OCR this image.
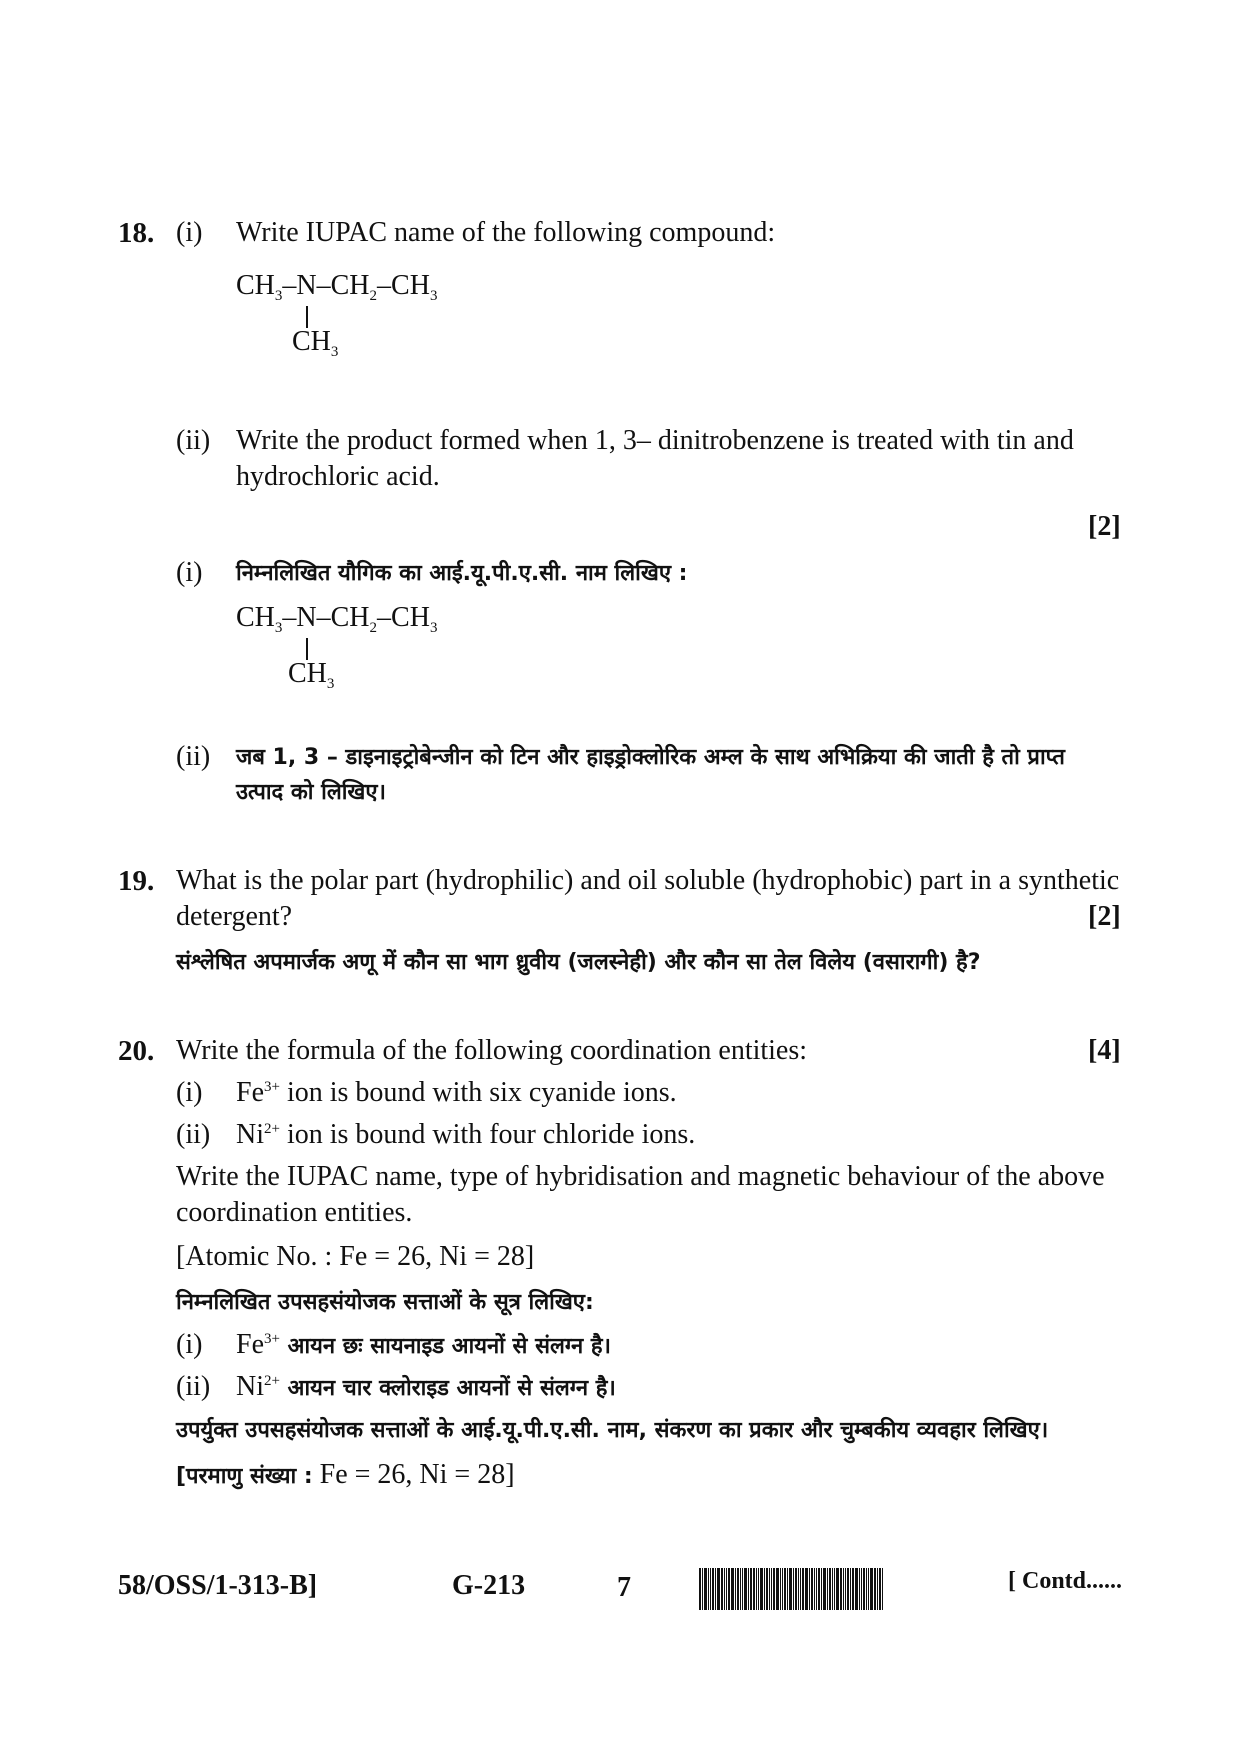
18. (i) Write IUPAC name of the following compound:
$CH_3-N-CH_2-CH_3$
$CH_3$
(ii) Write the product formed when 1, 3– dinitrobenzene is treated with tin and
hydrochloric acid.
[2]
(i) निम्नलिखित यौगिक का आई.यू.पी.ए.सी. नाम लिखिए :
$CH_3-N-CH_2-CH_3$
$CH_3$
(ii) जब 1, 3 – डाइनाइट्रोबेन्जीन को टिन और हाइड्रोक्लोरिक अम्ल के साथ अभिक्रिया की जाती है तो प्राप्त
उत्पाद को लिखिए।
19. What is the polar part (hydrophilic) and oil soluble (hydrophobic) part in a synthetic
detergent?	[2]
संश्लेषित अपमार्जक अणू में कौन सा भाग ध्रुवीय (जलस्नेही) और कौन सा तेल विलेय (वसारागी) है?
20. Write the formula of the following coordination entities:	[4]
(i) $Fe^{3+}$ ion is bound with six cyanide ions.
(ii) $Ni^{2+}$ ion is bound with four chloride ions.
Write the IUPAC name, type of hybridisation and magnetic behaviour of the above
coordination entities.
[Atomic No. : Fe = 26, Ni = 28]
निम्नलिखित उपसहसंयोजक सत्ताओं के सूत्र लिखिए:
(i) $Fe^{3+}$ आयन छः सायनाइड आयनों से संलग्न है।
(ii) $Ni^{2+}$ आयन चार क्लोराइड आयनों से संलग्न है।
उपर्युक्त उपसहसंयोजक सत्ताओं के आई.यू.पी.ए.सी. नाम, संकरण का प्रकार और चुम्बकीय व्यवहार लिखिए।
[परमाणु संख्या : Fe = 26, Ni = 28]
58/OSS/1-313-B]	G-213	7	[ Contd......
